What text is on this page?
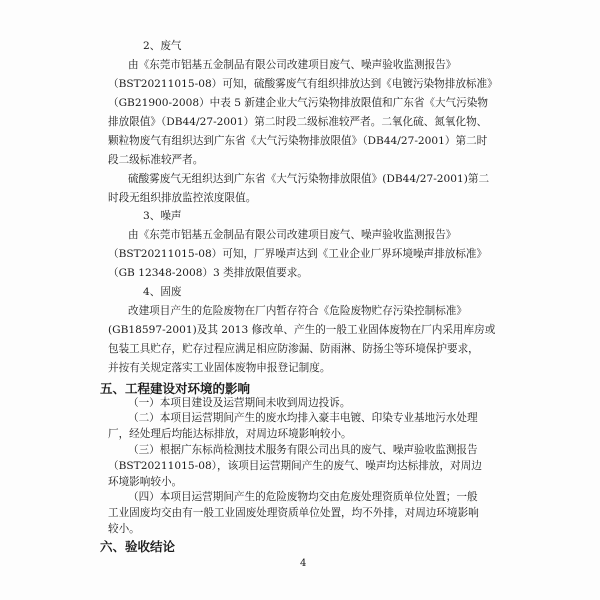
2、废气
由《东莞市铝基五金制品有限公司改建项目废气、噪声验收监测报告》
（BST20211015-08）可知，硫酸雾废气有组织排放达到《电镀污染物排放标准》
（GB21900-2008）中表 5 新建企业大气污染物排放限值和广东省《大气污染物
排放限值》（DB44/27-2001）第二时段二级标准较严者。二氧化硫、氮氧化物、
颗粒物废气有组织达到广东省《大气污染物排放限值》（DB44/27-2001）第二时
段二级标准较严者。
硫酸雾废气无组织达到广东省《大气污染物排放限值》(DB44/27-2001)第二
时段无组织排放监控浓度限值。
3、噪声
由《东莞市铝基五金制品有限公司改建项目废气、噪声验收监测报告》
（BST20211015-08）可知，厂界噪声达到《工业企业厂界环境噪声排放标准》
（GB 12348-2008）3 类排放限值要求。
4、固废
改建项目产生的危险废物在厂内暂存符合《危险废物贮存污染控制标准》
(GB18597-2001)及其 2013 修改单、产生的一般工业固体废物在厂内采用库房或
包装工具贮存，贮存过程应满足相应防渗漏、防雨淋、防扬尘等环境保护要求，
并按有关规定落实工业固体废物申报登记制度。
五、工程建设对环境的影响
（一）本项目建设及运营期间未收到周边投诉。
（二）本项目运营期间产生的废水均排入豪丰电镀、印染专业基地污水处理
厂，经处理后均能达标排放，对周边环境影响较小。
（三）根据广东标尚检测技术服务有限公司出具的废气、噪声验收监测报告
（BST20211015-08），该项目运营期间产生的废气、噪声均达标排放，对周边
环境影响较小。
（四）本项目运营期间产生的危险废物均交由危废处理资质单位处置；一般
工业固废均交由有一般工业固废处理资质单位处置，均不外排，对周边环境影响
较小。
六、验收结论
4
